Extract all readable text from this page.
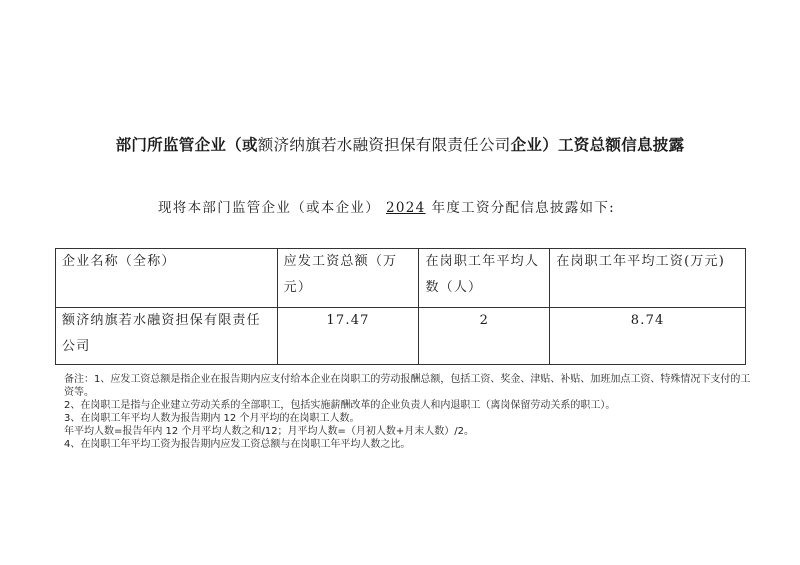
部门所监管企业（或额济纳旗若水融资担保有限责任公司企业）工资总额信息披露
现将本部门监管企业（或本企业） 2024 年度工资分配信息披露如下:
企业名称（全称）	应发工资总额（万元）	在岗职工年平均人数（人）	在岗职工年平均工资(万元)
额济纳旗若水融资担保有限责任公司	17.47	2	8.74
备注：1、应发工资总额是指企业在报告期内应支付给本企业在岗职工的劳动报酬总额，包括工资、奖金、津贴、补贴、加班加点工资、特殊情况下支付的工资等。
2、在岗职工是指与企业建立劳动关系的全部职工，包括实施薪酬改革的企业负责人和内退职工（离岗保留劳动关系的职工）。
3、在岗职工年平均人数为报告期内 12 个月平均的在岗职工人数。
年平均人数=报告年内 12 个月平均人数之和/12；月平均人数=（月初人数+月末人数）/2。
4、在岗职工年平均工资为报告期内应发工资总额与在岗职工年平均人数之比。
